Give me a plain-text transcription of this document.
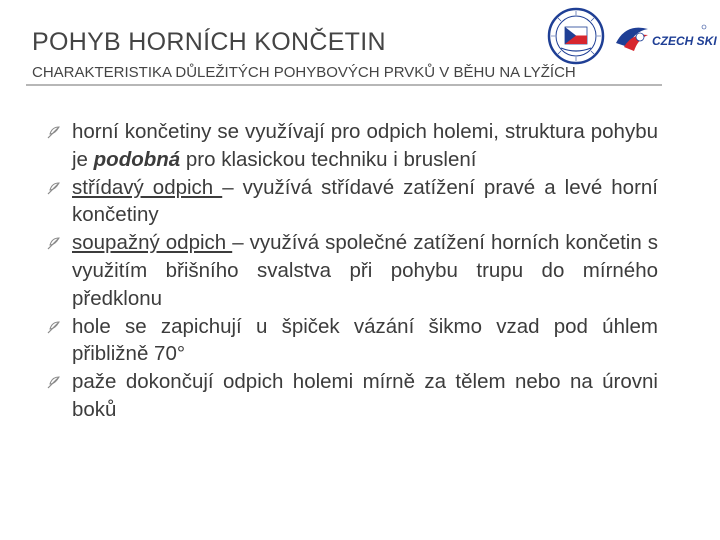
CZECH SKI
POHYB HORNÍCH KONČETIN
CHARAKTERISTIKA DŮLEŽITÝCH POHYBOVÝCH PRVKŮ V BĚHU NA LYŽÍCH
horní končetiny se využívají pro odpich holemi, struktura pohybu je podobná pro klasickou techniku i bruslení
střídavý odpich – využívá střídavé zatížení pravé a levé horní končetiny
soupažný odpich – využívá společné zatížení horních končetin s využitím břišního svalstva při pohybu trupu do mírného předklonu
hole se zapichují u špiček vázání šikmo vzad pod úhlem přibližně 70°
paže dokončují odpich holemi mírně za tělem nebo na úrovni boků
